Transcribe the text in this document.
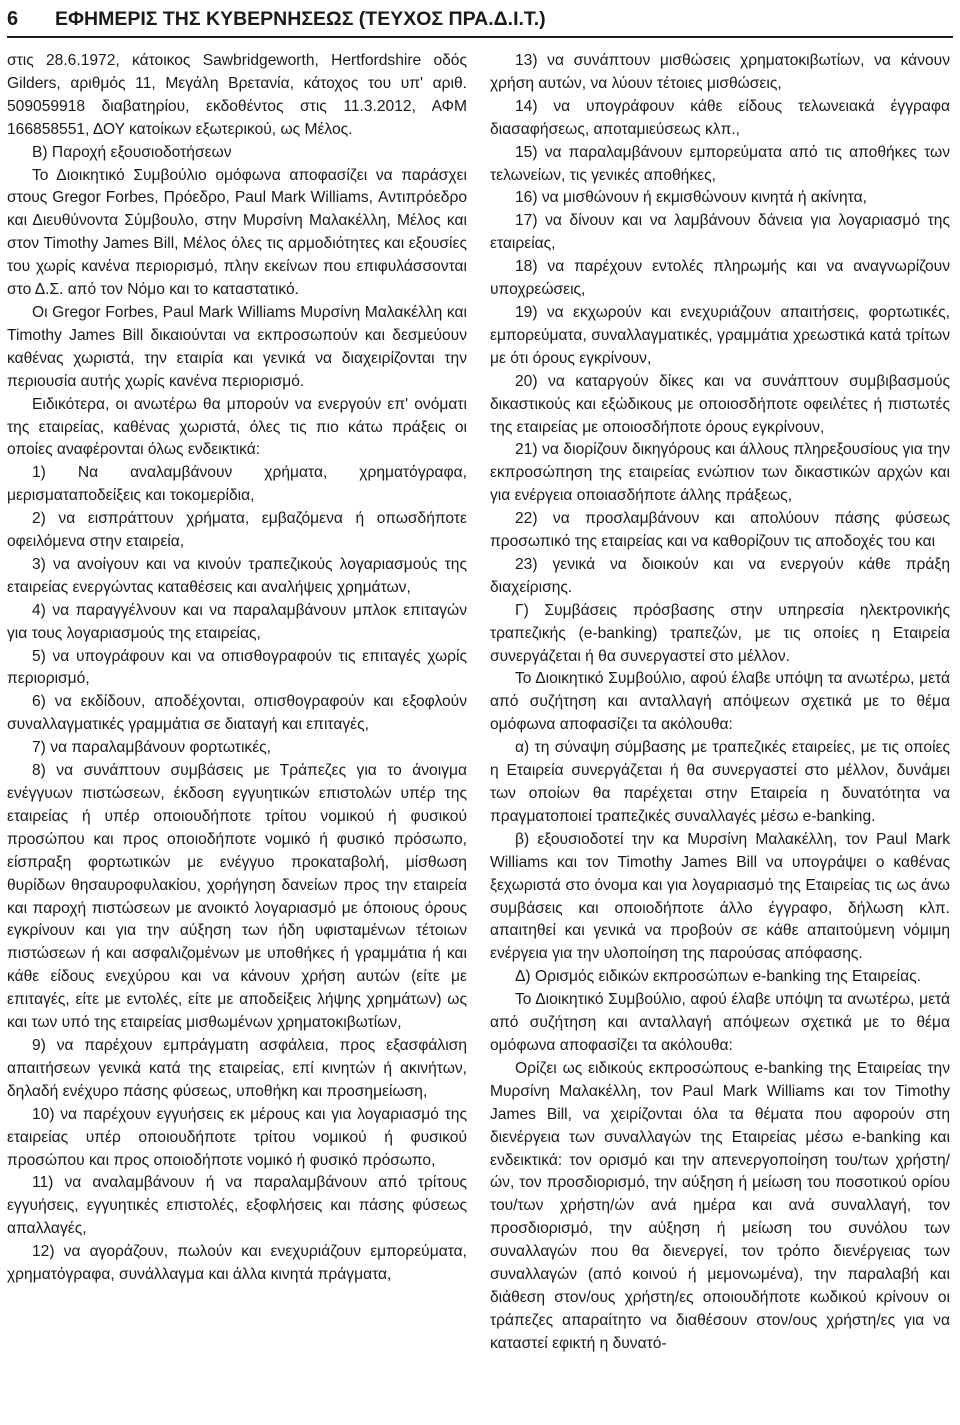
6 ΕΦΗΜΕΡΙΣ ΤΗΣ ΚΥΒΕΡΝΗΣΕΩΣ (ΤΕΥΧΟΣ ΠΡΑ.Δ.Ι.Τ.)

στις 28.6.1972, κάτοικος Sawbridgeworth, Hertfordshire οδός Gilders, αριθμός 11, Μεγάλη Βρετανία, κάτοχος του υπ' αριθ. 509059918 διαβατηρίου, εκδοθέντος στις 11.3.2012, ΑΦΜ 166858551, ΔΟΥ κατοίκων εξωτερικού, ως Μέλος.

Β) Παροχή εξουσιοδοτήσεων

Το Διοικητικό Συμβούλιο ομόφωνα αποφασίζει να παράσχει στους Gregor Forbes, Πρόεδρο, Paul Mark Williams, Αντιπρόεδρο και Διευθύνοντα Σύμβουλο, στην Μυρσίνη Μαλακέλλη, Μέλος και στον Timothy James Bill, Μέλος όλες τις αρμοδιότητες και εξουσίες του χωρίς κανένα περιορισμό, πλην εκείνων που επιφυλάσσονται στο Δ.Σ. από τον Νόμο και το καταστατικό.

Οι Gregor Forbes, Paul Mark Williams Μυρσίνη Μαλακέλλη και Timothy James Bill δικαιούνται να εκπροσωπούν και δεσμεύουν καθένας χωριστά, την εταιρία και γενικά να διαχειρίζονται την περιουσία αυτής χωρίς κανένα περιορισμό.

Ειδικότερα, οι ανωτέρω θα μπορούν να ενεργούν επ' ονόματι της εταιρείας, καθένας χωριστά, όλες τις πιο κάτω πράξεις οι οποίες αναφέρονται όλως ενδεικτικά:

1) Να αναλαμβάνουν χρήματα, χρηματόγραφα, μερισματαποδείξεις και τοκομερίδια,

2) να εισπράττουν χρήματα, εμβαζόμενα ή οπωσδήποτε οφειλόμενα στην εταιρεία,

3) να ανοίγουν και να κινούν τραπεζικούς λογαριασμούς της εταιρείας ενεργώντας καταθέσεις και αναλήψεις χρημάτων,

4) να παραγγέλνουν και να παραλαμβάνουν μπλοκ επιταγών για τους λογαριασμούς της εταιρείας,

5) να υπογράφουν και να οπισθογραφούν τις επιταγές χωρίς περιορισμό,

6) να εκδίδουν, αποδέχονται, οπισθογραφούν και εξοφλούν συναλλαγματικές γραμμάτια σε διαταγή και επιταγές,

7) να παραλαμβάνουν φορτωτικές,

8) να συνάπτουν συμβάσεις με Τράπεζες για το άνοιγμα ενέγγυων πιστώσεων, έκδοση εγγυητικών επιστολών υπέρ της εταιρείας ή υπέρ οποιουδήποτε τρίτου νομικού ή φυσικού προσώπου και προς οποιοδήποτε νομικό ή φυσικό πρόσωπο, είσπραξη φορτωτικών με ενέγγυο προκαταβολή, μίσθωση θυρίδων θησαυροφυλακίου, χορήγηση δανείων προς την εταιρεία και παροχή πιστώσεων με ανοικτό λογαριασμό με όποιους όρους εγκρίνουν και για την αύξηση των ήδη υφισταμένων τέτοιων πιστώσεων ή και ασφαλιζομένων με υποθήκες ή γραμμάτια ή και κάθε είδους ενεχύρου και να κάνουν χρήση αυτών (είτε με επιταγές, είτε με εντολές, είτε με αποδείξεις λήψης χρημάτων) ως και των υπό της εταιρείας μισθωμένων χρηματοκιβωτίων,

9) να παρέχουν εμπράγματη ασφάλεια, προς εξασφάλιση απαιτήσεων γενικά κατά της εταιρείας, επί κινητών ή ακινήτων, δηλαδή ενέχυρο πάσης φύσεως, υποθήκη και προσημείωση,

10) να παρέχουν εγγυήσεις εκ μέρους και για λογαριασμό της εταιρείας υπέρ οποιουδήποτε τρίτου νομικού ή φυσικού προσώπου και προς οποιοδήποτε νομικό ή φυσικό πρόσωπο,

11) να αναλαμβάνουν ή να παραλαμβάνουν από τρίτους εγγυήσεις, εγγυητικές επιστολές, εξοφλήσεις και πάσης φύσεως απαλλαγές,

12) να αγοράζουν, πωλούν και ενεχυριάζουν εμπορεύματα, χρηματόγραφα, συνάλλαγμα και άλλα κινητά πράγματα,

13) να συνάπτουν μισθώσεις χρηματοκιβωτίων, να κάνουν χρήση αυτών, να λύουν τέτοιες μισθώσεις,

14) να υπογράφουν κάθε είδους τελωνειακά έγγραφα διασαφήσεως, αποταμιεύσεως κλπ.,

15) να παραλαμβάνουν εμπορεύματα από τις αποθήκες των τελωνείων, τις γενικές αποθήκες,

16) να μισθώνουν ή εκμισθώνουν κινητά ή ακίνητα,

17) να δίνουν και να λαμβάνουν δάνεια για λογαριασμό της εταιρείας,

18) να παρέχουν εντολές πληρωμής και να αναγνωρίζουν υποχρεώσεις,

19) να εκχωρούν και ενεχυριάζουν απαιτήσεις, φορτωτικές, εμπορεύματα, συναλλαγματικές, γραμμάτια χρεωστικά κατά τρίτων με ότι όρους εγκρίνουν,

20) να καταργούν δίκες και να συνάπτουν συμβιβασμούς δικαστικούς και εξώδικους με οποιοσδήποτε οφειλέτες ή πιστωτές της εταιρείας με οποιοσδήποτε όρους εγκρίνουν,

21) να διορίζουν δικηγόρους και άλλους πληρεξουσίους για την εκπροσώπηση της εταιρείας ενώπιον των δικαστικών αρχών και για ενέργεια οποιασδήποτε άλλης πράξεως,

22) να προσλαμβάνουν και απολύουν πάσης φύσεως προσωπικό της εταιρείας και να καθορίζουν τις αποδοχές του και

23) γενικά να διοικούν και να ενεργούν κάθε πράξη διαχείρισης.

Γ) Συμβάσεις πρόσβασης στην υπηρεσία ηλεκτρονικής τραπεζικής (e-banking) τραπεζών, με τις οποίες η Εταιρεία συνεργάζεται ή θα συνεργαστεί στο μέλλον.

Το Διοικητικό Συμβούλιο, αφού έλαβε υπόψη τα ανωτέρω, μετά από συζήτηση και ανταλλαγή απόψεων σχετικά με το θέμα ομόφωνα αποφασίζει τα ακόλουθα:

α) τη σύναψη σύμβασης με τραπεζικές εταιρείες, με τις οποίες η Εταιρεία συνεργάζεται ή θα συνεργαστεί στο μέλλον, δυνάμει των οποίων θα παρέχεται στην Εταιρεία η δυνατότητα να πραγματοποιεί τραπεζικές συναλλαγές μέσω e-banking.

β) εξουσιοδοτεί την κα Μυρσίνη Μαλακέλλη, τον Paul Mark Williams και τον Timothy James Bill να υπογράψει ο καθένας ξεχωριστά στο όνομα και για λογαριασμό της Εταιρείας τις ως άνω συμβάσεις και οποιοδήποτε άλλο έγγραφο, δήλωση κλπ. απαιτηθεί και γενικά να προβούν σε κάθε απαιτούμενη νόμιμη ενέργεια για την υλοποίηση της παρούσας απόφασης.

Δ) Ορισμός ειδικών εκπροσώπων e-banking της Εταιρείας.

Το Διοικητικό Συμβούλιο, αφού έλαβε υπόψη τα ανωτέρω, μετά από συζήτηση και ανταλλαγή απόψεων σχετικά με το θέμα ομόφωνα αποφασίζει τα ακόλουθα:

Ορίζει ως ειδικούς εκπροσώπους e-banking της Εταιρείας την Μυρσίνη Μαλακέλλη, τον Paul Mark Williams και τον Timothy James Bill, να χειρίζονται όλα τα θέματα που αφορούν στη διενέργεια των συναλλαγών της Εταιρείας μέσω e-banking και ενδεικτικά: τον ορισμό και την απενεργοποίηση του/των χρήστη/ών, τον προσδιορισμό, την αύξηση ή μείωση του ποσοτικού ορίου του/των χρήστη/ών ανά ημέρα και ανά συναλλαγή, τον προσδιορισμό, την αύξηση ή μείωση του συνόλου των συναλλαγών που θα διενεργεί, τον τρόπο διενέργειας των συναλλαγών (από κοινού ή μεμονωμένα), την παραλαβή και διάθεση στον/ους χρήστη/ες οποιουδήποτε κωδικού κρίνουν οι τράπεζες απαραίτητο να διαθέσουν στον/ους χρήστη/ες για να καταστεί εφικτή η δυνατό-
